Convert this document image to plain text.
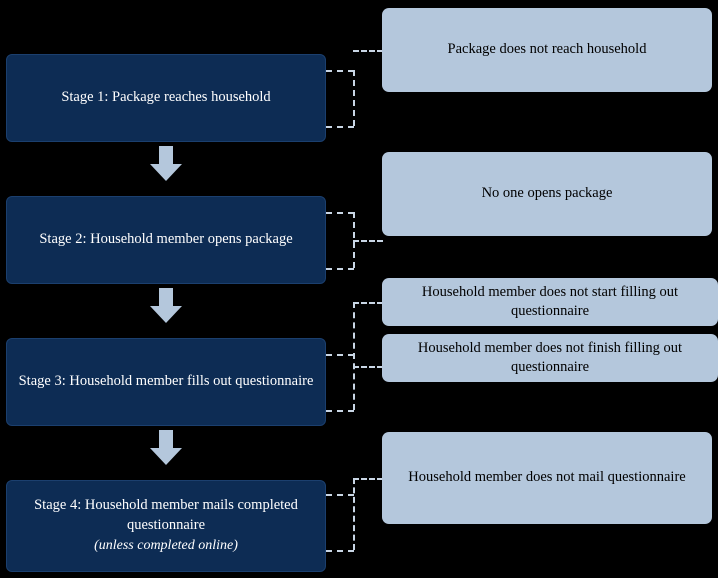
Stage 1: Package reaches household
Stage 2: Household member opens package
Stage 3: Household member fills out questionnaire
Stage 4: Household member mails completed questionnaire
(unless completed online)
Package does not reach household
No one opens package
Household member does not start filling out questionnaire
Household member does not finish filling out questionnaire
Household member does not mail questionnaire
